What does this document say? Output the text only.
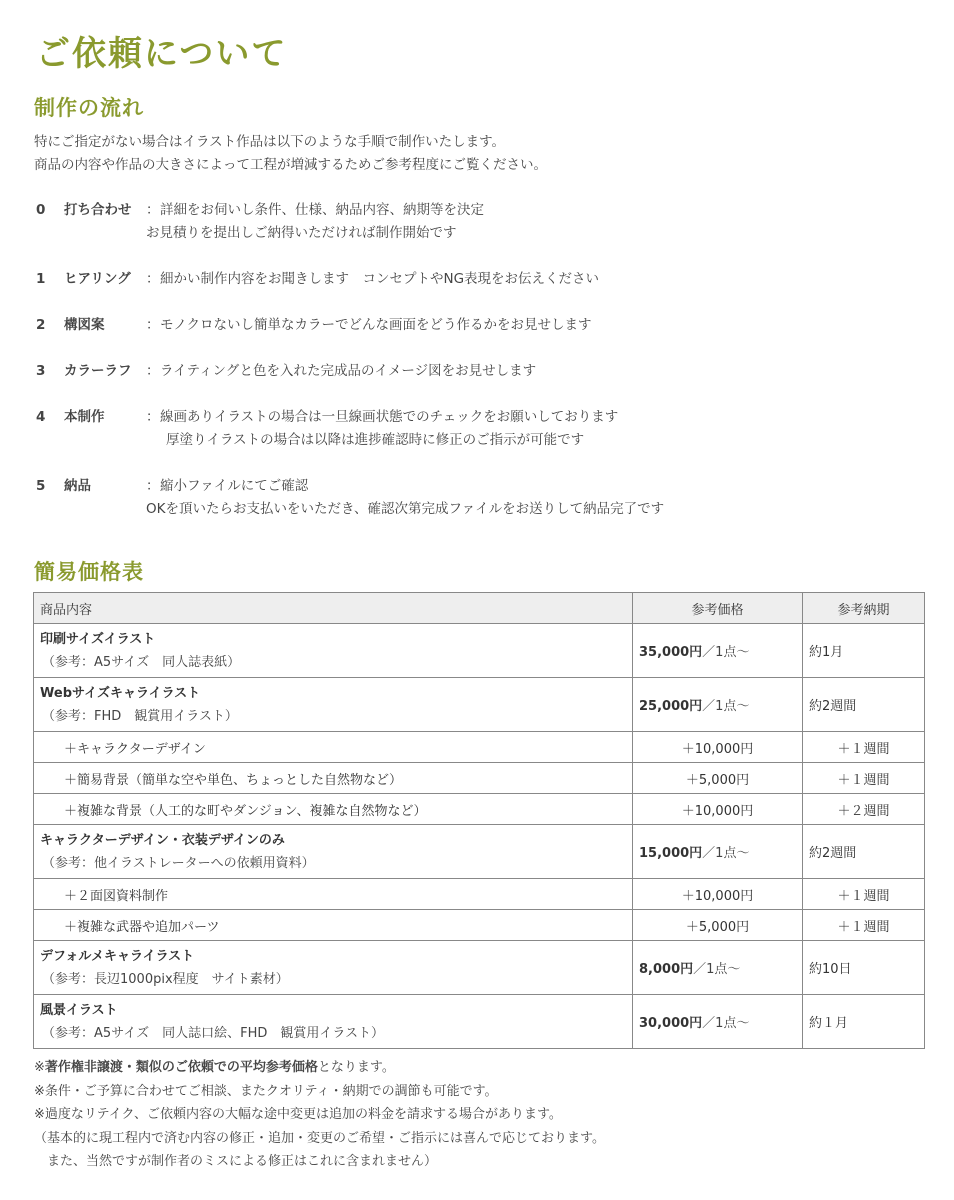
ご依頼について
制作の流れ

特にご指定がない場合はイラスト作品は以下のような手順で制作いたします。

商品の内容や作品の大きさによって工程が増減するためご参考程度にご覧ください。

0	打ち合わせ	： 詳細をお伺いし条件、仕様、納品内容、納期等を決定

お見積りを提出しご納得いただければ制作開始です

1	ヒアリング	： 細かい制作内容をお聞きします　コンセプトやNG表現をお伝えください

2	構図案	： モノクロないし簡単なカラーでどんな画面をどう作るかをお見せします

3	カラーラフ	： ライティングと色を入れた完成品のイメージ図をお見せします

4	本制作	： 線画ありイラストの場合は一旦線画状態でのチェックをお願いしております

厚塗りイラストの場合は以降は進捗確認時に修正のご指示が可能です

5	納品	： 縮小ファイルにてご確認

OKを頂いたらお支払いをいただき、確認次第完成ファイルをお送りして納品完了です

簡易価格表
商品内容	参考価格	参考納期

印刷サイズイラスト
（参考：A5サイズ　同人誌表紙）	35,000円／1点～	約1月

Webサイズキャライラスト
（参考：FHD　観賞用イラスト）	25,000円／1点～	約2週間
＋キャラクターデザイン	＋10,000円	＋１週間
＋簡易背景（簡単な空や単色、ちょっとした自然物など）	＋5,000円	＋１週間
＋複雑な背景（人工的な町やダンジョン、複雑な自然物など）	＋10,000円	＋２週間

キャラクターデザイン・衣装デザインのみ
（参考：他イラストレーターへの依頼用資料）	15,000円／1点～	約2週間
＋２面図資料制作	＋10,000円	＋１週間
＋複雑な武器や追加パーツ	＋5,000円	＋１週間

デフォルメキャライラスト
（参考：長辺1000pix程度　サイト素材）	8,000円／1点～	約10日

風景イラスト
（参考：A5サイズ　同人誌口絵、FHD　観賞用イラスト）	30,000円／1点～	約１月

※著作権非譲渡・類似のご依頼での平均参考価格となります。

※条件・ご予算に合わせてご相談、またクオリティ・納期での調節も可能です。

※過度なリテイク、ご依頼内容の大幅な途中変更は追加の料金を請求する場合があります。

（基本的に現工程内で済む内容の修正・追加・変更のご希望・ご指示には喜んで応じております。

　また、当然ですが制作者のミスによる修正はこれに含まれません）
